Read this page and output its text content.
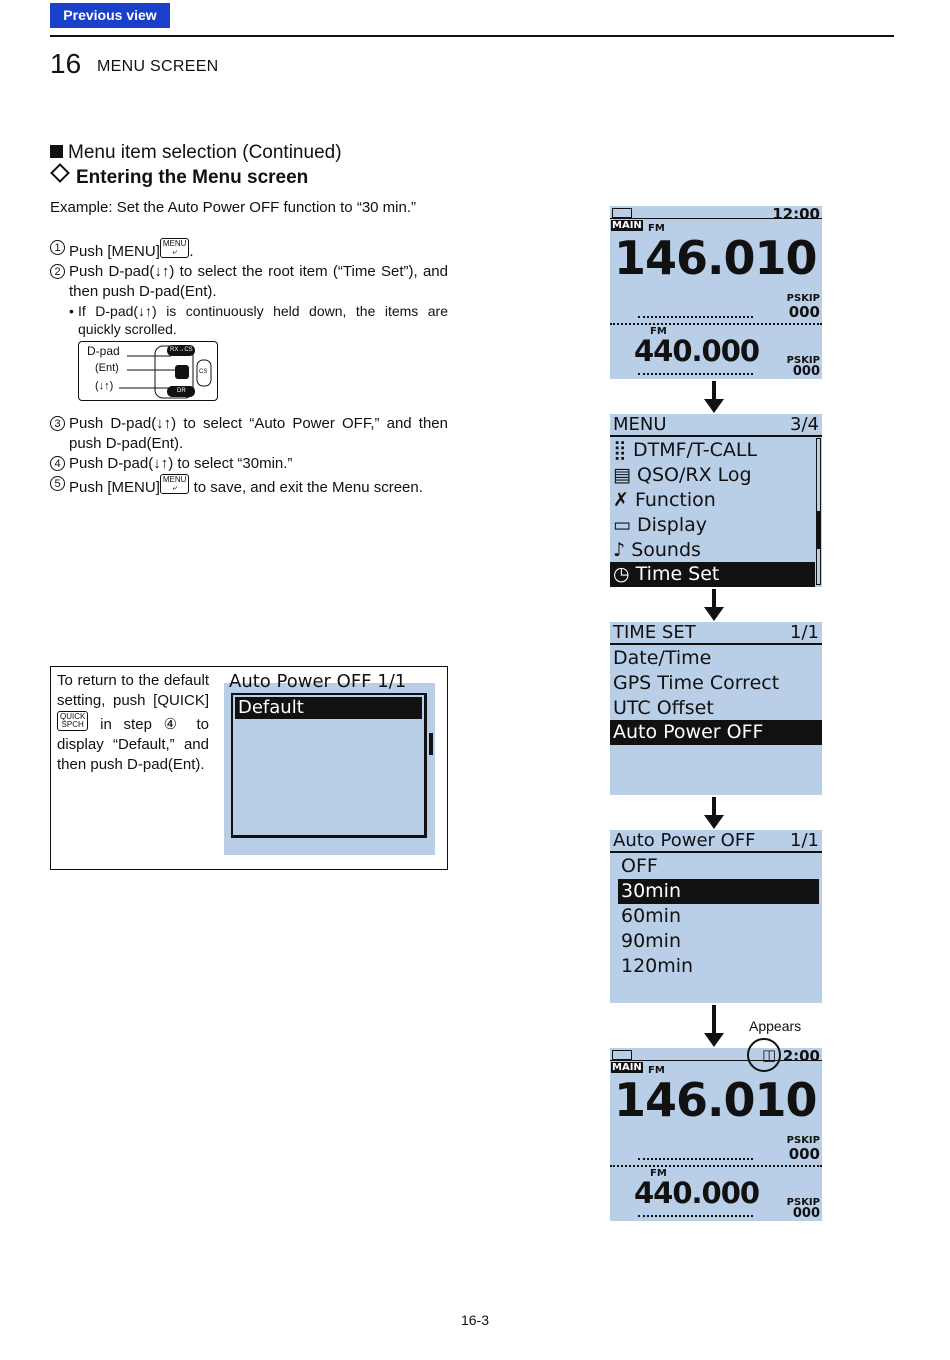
Previous view
16 MENU SCREEN
Menu item selection (Continued)
Entering the Menu screen
Example: Set the Auto Power OFF function to “30 min.”
1 Push [MENU] MENU
⤶ .
2 Push D-pad(↓↑) to select the root item (“Time Set”), and then push D-pad(Ent).
• If D-pad(↓↑) is continuously held down, the items are quickly scrolled.
D-pad
(Ent)
(↓↑)
RX→CS
DR
CS
3 Push D-pad(↓↑) to select “Auto Power OFF,” and then push D-pad(Ent).
4 Push D-pad(↓↑) to select “30min.”
5 Push [MENU] MENU
⤶ to save, and exit the Menu screen.
To return to the default setting, push [QUICK]QUICK
SPCH in step ④ to display “Default,” and then push D-pad(Ent).
Auto Power OFF 1/1
Default
12:00
MAIN FM
146.010
PSKIP
000
FM
440.000	PSKIP
000
MENU	3/4
⣿ DTMF/T-CALL
▤ QSO/RX Log
✗ Function
▭ Display
♪ Sounds
◷ Time Set
TIME SET	1/1
Date/Time
GPS Time Correct
UTC Offset
Auto Power OFF
Auto Power OFF 1/1
OFF
30min
60min
90min
120min
Appears
◫ 2:00
MAIN FM
146.010
PSKIP
000
FM
440.000	PSKIP
000
16-3
